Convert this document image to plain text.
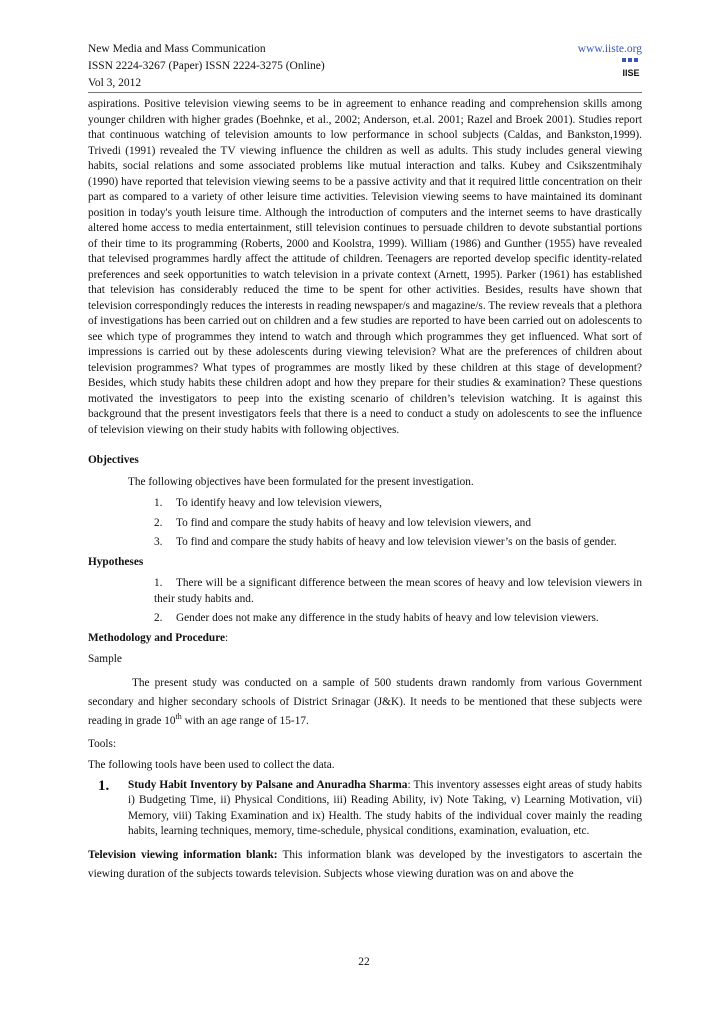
New Media and Mass Communication	www.iiste.org
ISSN 2224-3267 (Paper) ISSN 2224-3275 (Online)
Vol 3, 2012
IISE

aspirations. Positive television viewing seems to be in agreement to enhance reading and comprehension skills among younger children with higher grades (Boehnke, et al., 2002; Anderson, et.al. 2001; Razel and Broek 2001). Studies report that continuous watching of television amounts to low performance in school subjects (Caldas, and Bankston,1999). Trivedi (1991) revealed the TV viewing influence the children as well as adults. This study includes general viewing habits, social relations and some associated problems like mutual interaction and talks. Kubey and Csikszentmihaly (1990) have reported that television viewing seems to be a passive activity and that it required little concentration on their part as compared to a variety of other leisure time activities. Television viewing seems to have maintained its dominant position in today's youth leisure time. Although the introduction of computers and the internet seems to have drastically altered home access to media entertainment, still television continues to persuade children to devote substantial portions of their time to its programming (Roberts, 2000 and Koolstra, 1999). William (1986) and Gunther (1955) have revealed that televised programmes hardly affect the attitude of children. Teenagers are reported develop specific identity-related preferences and seek opportunities to watch television in a private context (Arnett, 1995). Parker (1961) has established that television has considerably reduced the time to be spent for other activities. Besides, results have shown that television correspondingly reduces the interests in reading newspaper/s and magazine/s. The review reveals that a plethora of investigations has been carried out on children and a few studies are reported to have been carried out on adolescents to see which type of programmes they intend to watch and through which programmes they get influenced. What sort of impressions is carried out by these adolescents during viewing television? What are the preferences of children about television programmes? What types of programmes are mostly liked by these children at this stage of development? Besides, which study habits these children adopt and how they prepare for their studies & examination? These questions motivated the investigators to peep into the existing scenario of children’s television watching. It is against this background that the present investigators feels that there is a need to conduct a study on adolescents to see the influence of television viewing on their study habits with following objectives.

Objectives

The following objectives have been formulated for the present investigation.

1. To identify heavy and low television viewers,
2. To find and compare the study habits of heavy and low television viewers, and
3. To find and compare the study habits of heavy and low television viewer’s on the basis of gender.
Hypotheses
1. There will be a significant difference between the mean scores of heavy and low television viewers in their study habits and.
2. Gender does not make any difference in the study habits of heavy and low television viewers.

Methodology and Procedure:

Sample

The present study was conducted on a sample of 500 students drawn randomly from various Government secondary and higher secondary schools of District Srinagar (J&K). It needs to be mentioned that these subjects were reading in grade 10th with an age range of 15-17.

Tools:

The following tools have been used to collect the data.

1.	Study Habit Inventory by Palsane and Anuradha Sharma: This inventory assesses eight areas of study habits i) Budgeting Time, ii) Physical Conditions, iii) Reading Ability, iv) Note Taking, v) Learning Motivation, vii) Memory, viii) Taking Examination and ix) Health. The study habits of the individual cover mainly the reading habits, learning techniques, memory, time-schedule, physical conditions, examination, evaluation, etc.

Television viewing information blank: This information blank was developed by the investigators to ascertain the viewing duration of the subjects towards television. Subjects whose viewing duration was on and above the

22
